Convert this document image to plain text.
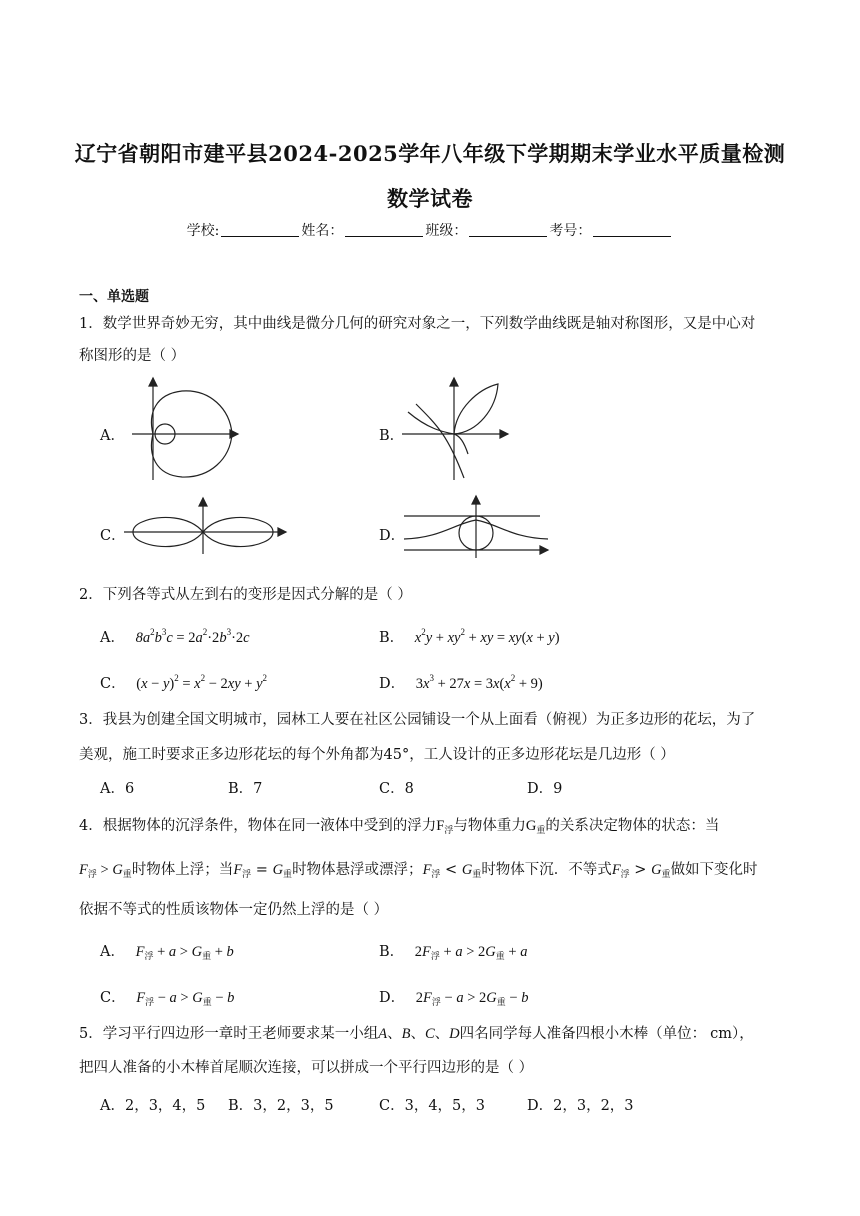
辽宁省朝阳市建平县2024-2025学年八年级下学期期末学业水平质量检测
数学试卷
学校:	姓名：	班级：	考号：
一、单选题
1．数学世界奇妙无穷，其中曲线是微分几何的研究对象之一，下列数学曲线既是轴对称图形，又是中心对
称图形的是（ ）
A．	B．
C．	D．
2．下列各等式从左到右的变形是因式分解的是（ ）
A． $8a^2b^3c = 2a^2\cdot 2b^3\cdot 2c$	B． $x^2y + xy^2$ + xy = xy(x + y)
C． $(x - y)^2 = x^2 - 2xy + y^2$	D． $3x^3 + 27x = 3x(x^2 + 9)$
3．我县为创建全国文明城市，园林工人要在社区公园铺设一个从上面看（俯视）为正多边形的花坛，为了
美观，施工时要求正多边形花坛的每个外角都为45°，工人设计的正多边形花坛是几边形（ ）
A．6	B．7	C．8	D．9
4．根据物体的沉浮条件，物体在同一液体中受到的浮力$F_浮$与物体重力$G_重$的关系决定物体的状态：当
$F_浮 > G_重$时物体上浮；当$F_浮 = G_重$时物体悬浮或漂浮；$F_浮 < G_重$时物体下沉．不等式$F_浮 > G_重$做如下变化时
依据不等式的性质该物体一定仍然上浮的是（ ）
A． $F_浮 + a > G_重 + b$	B． $2F_浮 + a > 2G_重 + a$
C． $F_浮 - a > G_重 - b$	D． $2F_浮 - a > 2G_重 - b$
5．学习平行四边形一章时王老师要求某一小组A、B、C、D四名同学每人准备四根小木棒（单位： cm），
把四人准备的小木棒首尾顺次连接，可以拼成一个平行四边形的是（ ）
A．2，3，4，5 B．3，2，3，5	C．3，4，5，3	D．2，3，2，3
